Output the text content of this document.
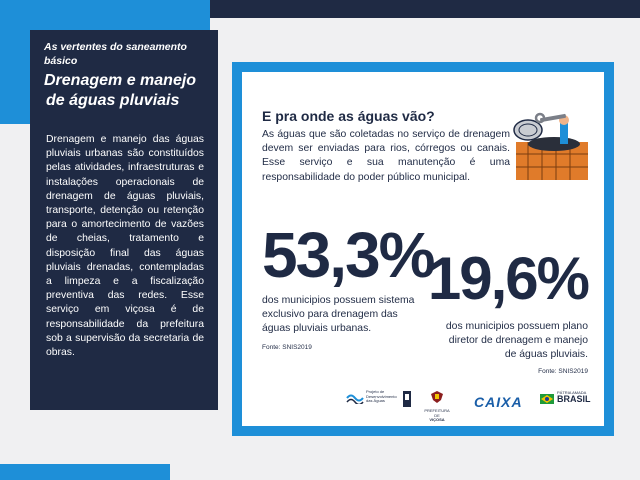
As vertentes do saneamento básico
Drenagem e manejo
de águas pluviais

Drenagem e manejo das águas pluviais urbanas são constituídos pelas atividades, infraestruturas e instalações operacionais de drenagem de águas pluviais, transporte, detenção ou retenção para o amortecimento de vazões de cheias, tratamento e disposição final das águas pluviais drenadas, contempladas a limpeza e a fiscalização preventiva das redes. Esse serviço em viçosa é de responsabilidade da prefeitura sob a supervisão da secretaria de obras.

E pra onde as águas vão?

As águas que são coletadas no serviço de drenagem devem ser enviadas para rios, córregos ou canais. Esse serviço e sua manutenção é uma responsabilidade do poder público municipal.

53,3%
dos municipios possuem sistema exclusivo para drenagem das águas pluviais urbanas.
Fonte: SNIS2019
19,6%
dos municipios possuem plano diretor de drenagem e manejo de águas pluviais.
Fonte: SNIS2019
Projeto de Desenvolvimento das Águas
PREFEITURA DE
VIÇOSA
CAIXA
PÁTRIA AMADA
BRASIL
